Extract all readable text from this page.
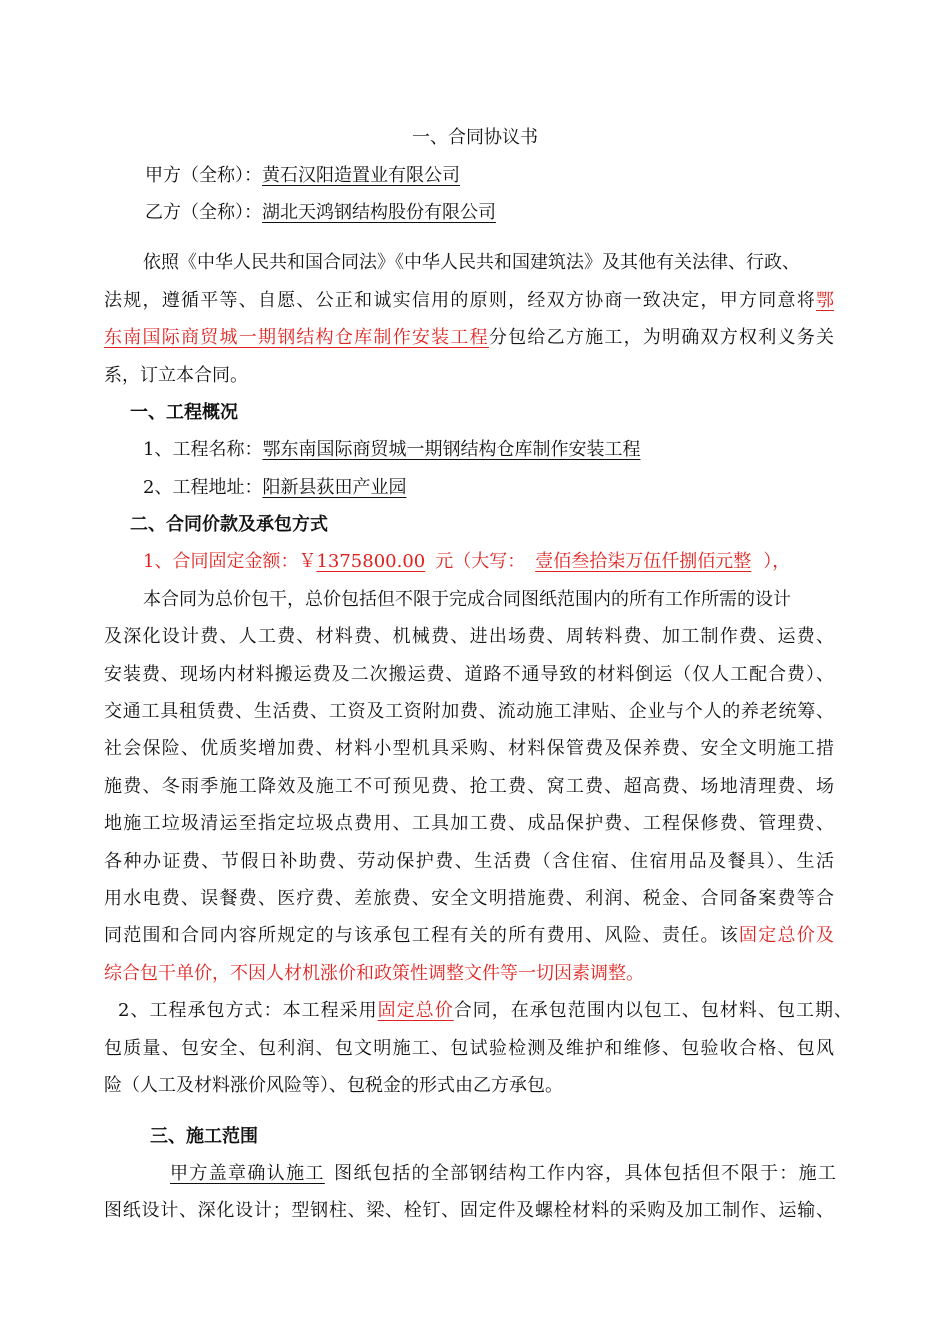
一、合同协议书
甲方（全称）：黄石汉阳造置业有限公司
乙方（全称）：湖北天鸿钢结构股份有限公司
依照《中华人民共和国合同法》《中华人民共和国建筑法》及其他有关法律、行政、
法规，遵循平等、自愿、公正和诚实信用的原则，经双方协商一致决定，甲方同意将鄂
东南国际商贸城一期钢结构仓库制作安装工程分包给乙方施工，为明确双方权利义务关
系，订立本合同。
一、工程概况
1、工程名称：鄂东南国际商贸城一期钢结构仓库制作安装工程
2、工程地址：阳新县荻田产业园
二、合同价款及承包方式
1、合同固定金额：￥1375800.00 元（大写： 壹佰叁拾柒万伍仟捌佰元整 ），
本合同为总价包干，总价包括但不限于完成合同图纸范围内的所有工作所需的设计
及深化设计费、人工费、材料费、机械费、进出场费、周转料费、加工制作费、运费、
安装费、现场内材料搬运费及二次搬运费、道路不通导致的材料倒运（仅人工配合费）、
交通工具租赁费、生活费、工资及工资附加费、流动施工津贴、企业与个人的养老统筹、
社会保险、优质奖增加费、材料小型机具采购、材料保管费及保养费、安全文明施工措
施费、冬雨季施工降效及施工不可预见费、抢工费、窝工费、超高费、场地清理费、场
地施工垃圾清运至指定垃圾点费用、工具加工费、成品保护费、工程保修费、管理费、
各种办证费、节假日补助费、劳动保护费、生活费（含住宿、住宿用品及餐具）、生活
用水电费、误餐费、医疗费、差旅费、安全文明措施费、利润、税金、合同备案费等合
同范围和合同内容所规定的与该承包工程有关的所有费用、风险、责任。该固定总价及
综合包干单价，不因人材机涨价和政策性调整文件等一切因素调整。
2、工程承包方式：本工程采用固定总价合同，在承包范围内以包工、包材料、包工期、
包质量、包安全、包利润、包文明施工、包试验检测及维护和维修、包验收合格、包风
险（人工及材料涨价风险等）、包税金的形式由乙方承包。
三、施工范围
甲方盖章确认施工 图纸包括的全部钢结构工作内容，具体包括但不限于：施工
图纸设计、深化设计；型钢柱、梁、栓钉、固定件及螺栓材料的采购及加工制作、运输、
